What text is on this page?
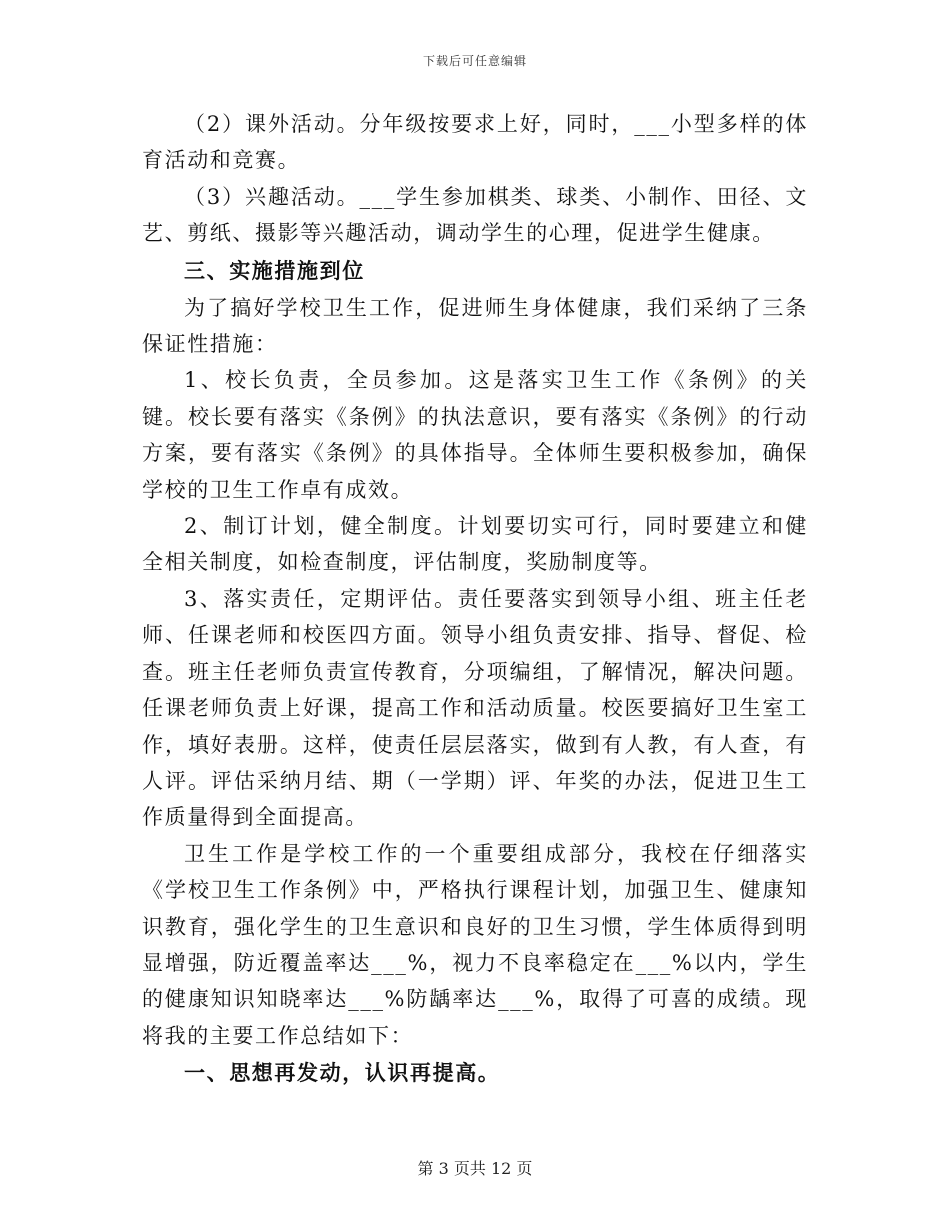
下载后可任意编辑

（2）课外活动。分年级按要求上好，同时，___小型多样的体育活动和竞赛。

（3）兴趣活动。___学生参加棋类、球类、小制作、田径、文艺、剪纸、摄影等兴趣活动，调动学生的心理，促进学生健康。

三、实施措施到位

为了搞好学校卫生工作，促进师生身体健康，我们采纳了三条保证性措施：

1、校长负责，全员参加。这是落实卫生工作《条例》的关键。校长要有落实《条例》的执法意识，要有落实《条例》的行动方案，要有落实《条例》的具体指导。全体师生要积极参加，确保学校的卫生工作卓有成效。

2、制订计划，健全制度。计划要切实可行，同时要建立和健全相关制度，如检查制度，评估制度，奖励制度等。

3、落实责任，定期评估。责任要落实到领导小组、班主任老师、任课老师和校医四方面。领导小组负责安排、指导、督促、检查。班主任老师负责宣传教育，分项编组，了解情况，解决问题。任课老师负责上好课，提高工作和活动质量。校医要搞好卫生室工作，填好表册。这样，使责任层层落实，做到有人教，有人查，有人评。评估采纳月结、期（一学期）评、年奖的办法，促进卫生工作质量得到全面提高。

卫生工作是学校工作的一个重要组成部分，我校在仔细落实《学校卫生工作条例》中，严格执行课程计划，加强卫生、健康知识教育，强化学生的卫生意识和良好的卫生习惯，学生体质得到明显增强，防近覆盖率达___%，视力不良率稳定在___%以内，学生的健康知识知晓率达___%防龋率达___%，取得了可喜的成绩。现将我的主要工作总结如下：

一、思想再发动，认识再提高。

第 3 页共 12 页
